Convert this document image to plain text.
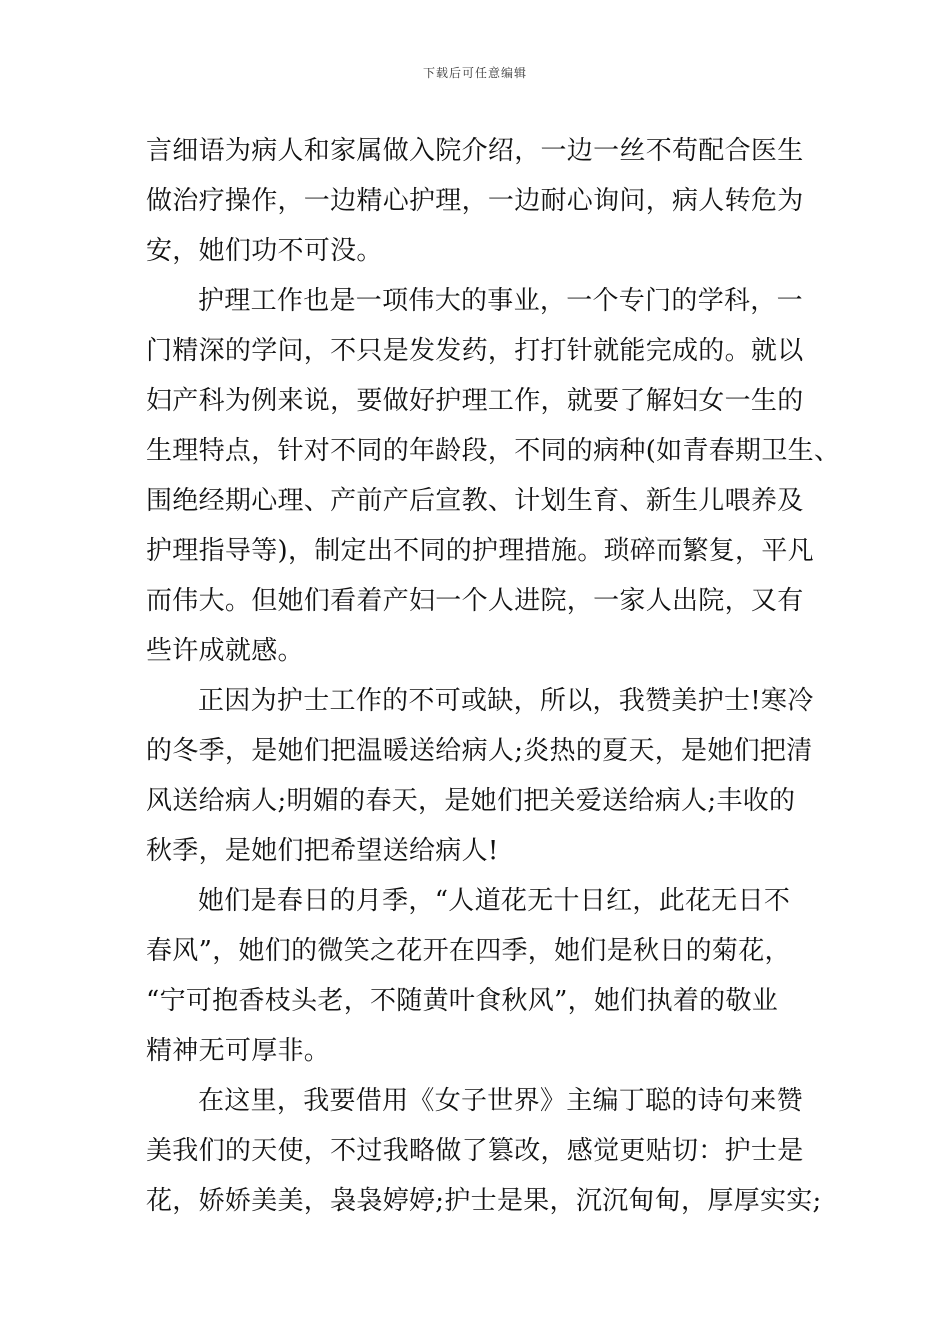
下载后可任意编辑
言细语为病人和家属做入院介绍，一边一丝不苟配合医生
做治疗操作，一边精心护理，一边耐心询问，病人转危为
安，她们功不可没。
护理工作也是一项伟大的事业，一个专门的学科，一
门精深的学问，不只是发发药，打打针就能完成的。就以
妇产科为例来说，要做好护理工作，就要了解妇女一生的
生理特点，针对不同的年龄段，不同的病种(如青春期卫生、
围绝经期心理、产前产后宣教、计划生育、新生儿喂养及
护理指导等)，制定出不同的护理措施。琐碎而繁复，平凡
而伟大。但她们看着产妇一个人进院，一家人出院，又有
些许成就感。
正因为护士工作的不可或缺，所以，我赞美护士!寒冷
的冬季，是她们把温暖送给病人;炎热的夏天，是她们把清
风送给病人;明媚的春天，是她们把关爱送给病人;丰收的
秋季，是她们把希望送给病人!
她们是春日的月季，“人道花无十日红，此花无日不
春风”，她们的微笑之花开在四季，她们是秋日的菊花，
“宁可抱香枝头老，不随黄叶食秋风”，她们执着的敬业
精神无可厚非。
在这里，我要借用《女子世界》主编丁聪的诗句来赞
美我们的天使，不过我略做了篡改，感觉更贴切：护士是
花，娇娇美美，袅袅婷婷;护士是果，沉沉甸甸，厚厚实实;
